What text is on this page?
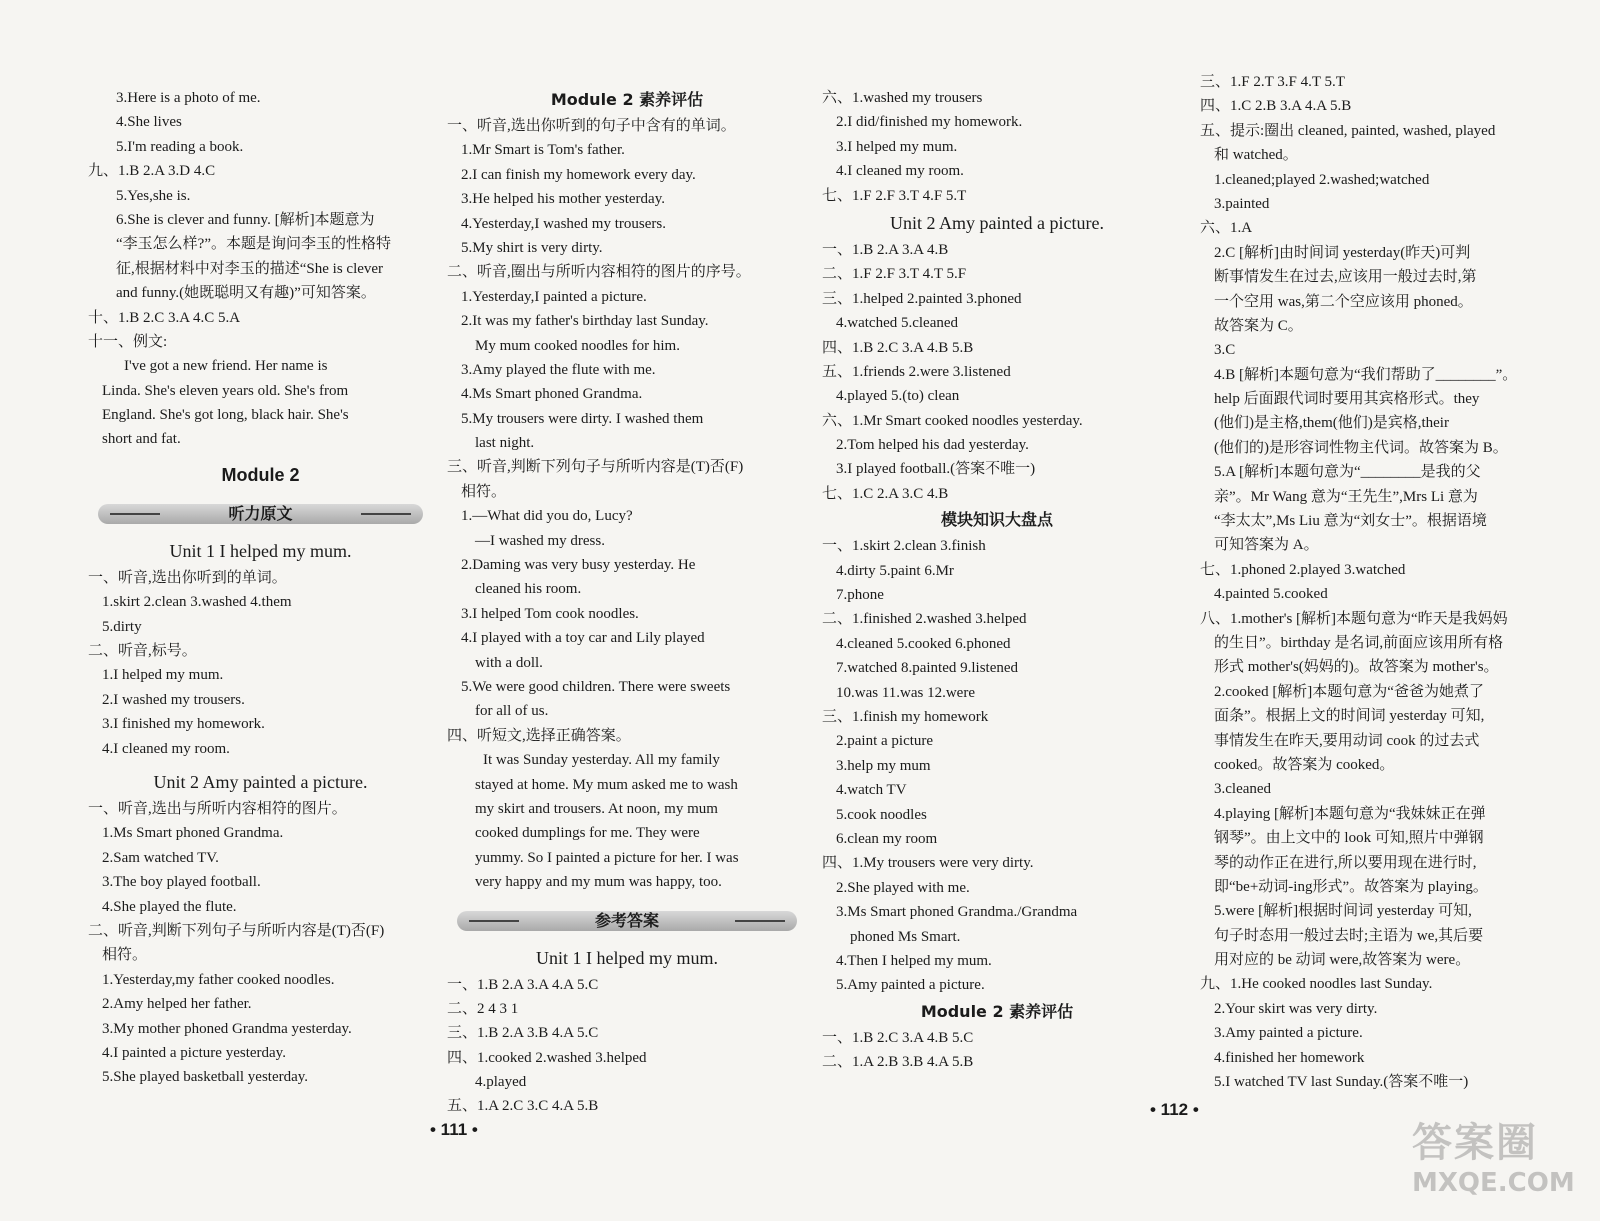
3.Here is a photo of me.
4.She lives
5.I'm reading a book.
九、1.B 2.A 3.D 4.C
5.Yes,she is.
6.She is clever and funny. [解析]本题意为
“李玉怎么样?”。本题是询问李玉的性格特
征,根据材料中对李玉的描述“She is clever
and funny.(她既聪明又有趣)”可知答案。
十、1.B 2.C 3.A 4.C 5.A
十一、例文:
I've got a new friend. Her name is
Linda. She's eleven years old. She's from
England. She's got long, black hair. She's
short and fat.
Module 2
听力原文
Unit 1 I helped my mum.
一、听音,选出你听到的单词。
1.skirt 2.clean 3.washed 4.them
5.dirty
二、听音,标号。
1.I helped my mum.
2.I washed my trousers.
3.I finished my homework.
4.I cleaned my room.
Unit 2 Amy painted a picture.
一、听音,选出与所听内容相符的图片。
1.Ms Smart phoned Grandma.
2.Sam watched TV.
3.The boy played football.
4.She played the flute.
二、听音,判断下列句子与所听内容是(T)否(F)
相符。
1.Yesterday,my father cooked noodles.
2.Amy helped her father.
3.My mother phoned Grandma yesterday.
4.I painted a picture yesterday.
5.She played basketball yesterday.
Module 2 素养评估
一、听音,选出你听到的句子中含有的单词。
1.Mr Smart is Tom's father.
2.I can finish my homework every day.
3.He helped his mother yesterday.
4.Yesterday,I washed my trousers.
5.My shirt is very dirty.
二、听音,圈出与所听内容相符的图片的序号。
1.Yesterday,I painted a picture.
2.It was my father's birthday last Sunday.
My mum cooked noodles for him.
3.Amy played the flute with me.
4.Ms Smart phoned Grandma.
5.My trousers were dirty. I washed them
last night.
三、听音,判断下列句子与所听内容是(T)否(F)
相符。
1.—What did you do, Lucy?
—I washed my dress.
2.Daming was very busy yesterday. He
cleaned his room.
3.I helped Tom cook noodles.
4.I played with a toy car and Lily played
with a doll.
5.We were good children. There were sweets
for all of us.
四、听短文,选择正确答案。
It was Sunday yesterday. All my family
stayed at home. My mum asked me to wash
my skirt and trousers. At noon, my mum
cooked dumplings for me. They were
yummy. So I painted a picture for her. I was
very happy and my mum was happy, too.
参考答案
Unit 1 I helped my mum.
一、1.B 2.A 3.A 4.A 5.C
二、2 4 3 1
三、1.B 2.A 3.B 4.A 5.C
四、1.cooked 2.washed 3.helped
4.played
五、1.A 2.C 3.C 4.A 5.B
六、1.washed my trousers
2.I did/finished my homework.
3.I helped my mum.
4.I cleaned my room.
七、1.F 2.F 3.T 4.F 5.T
Unit 2 Amy painted a picture.
一、1.B 2.A 3.A 4.B
二、1.F 2.F 3.T 4.T 5.F
三、1.helped 2.painted 3.phoned
4.watched 5.cleaned
四、1.B 2.C 3.A 4.B 5.B
五、1.friends 2.were 3.listened
4.played 5.(to) clean
六、1.Mr Smart cooked noodles yesterday.
2.Tom helped his dad yesterday.
3.I played football.(答案不唯一)
七、1.C 2.A 3.C 4.B
模块知识大盘点
一、1.skirt 2.clean 3.finish
4.dirty 5.paint 6.Mr
7.phone
二、1.finished 2.washed 3.helped
4.cleaned 5.cooked 6.phoned
7.watched 8.painted 9.listened
10.was 11.was 12.were
三、1.finish my homework
2.paint a picture
3.help my mum
4.watch TV
5.cook noodles
6.clean my room
四、1.My trousers were very dirty.
2.She played with me.
3.Ms Smart phoned Grandma./Grandma
phoned Ms Smart.
4.Then I helped my mum.
5.Amy painted a picture.
Module 2 素养评估
一、1.B 2.C 3.A 4.B 5.C
二、1.A 2.B 3.B 4.A 5.B
三、1.F 2.T 3.F 4.T 5.T
四、1.C 2.B 3.A 4.A 5.B
五、提示:圈出 cleaned, painted, washed, played
和 watched。
1.cleaned;played 2.washed;watched
3.painted
六、1.A
2.C [解析]由时间词 yesterday(昨天)可判
断事情发生在过去,应该用一般过去时,第
一个空用 was,第二个空应该用 phoned。
故答案为 C。
3.C
4.B [解析]本题句意为“我们帮助了________”。
help 后面跟代词时要用其宾格形式。they
(他们)是主格,them(他们)是宾格,their
(他们的)是形容词性物主代词。故答案为 B。
5.A [解析]本题句意为“________是我的父
亲”。Mr Wang 意为“王先生”,Mrs Li 意为
“李太太”,Ms Liu 意为“刘女士”。根据语境
可知答案为 A。
七、1.phoned 2.played 3.watched
4.painted 5.cooked
八、1.mother's [解析]本题句意为“昨天是我妈妈
的生日”。birthday 是名词,前面应该用所有格
形式 mother's(妈妈的)。故答案为 mother's。
2.cooked [解析]本题句意为“爸爸为她煮了
面条”。根据上文的时间词 yesterday 可知,
事情发生在昨天,要用动词 cook 的过去式
cooked。故答案为 cooked。
3.cleaned
4.playing [解析]本题句意为“我妹妹正在弹
钢琴”。由上文中的 look 可知,照片中弹钢
琴的动作正在进行,所以要用现在进行时,
即“be+动词-ing形式”。故答案为 playing。
5.were [解析]根据时间词 yesterday 可知,
句子时态用一般过去时;主语为 we,其后要
用对应的 be 动词 were,故答案为 were。
九、1.He cooked noodles last Sunday.
2.Your skirt was very dirty.
3.Amy painted a picture.
4.finished her homework
5.I watched TV last Sunday.(答案不唯一)
• 111 •
• 112 •
答案圈
MXQE.COM
